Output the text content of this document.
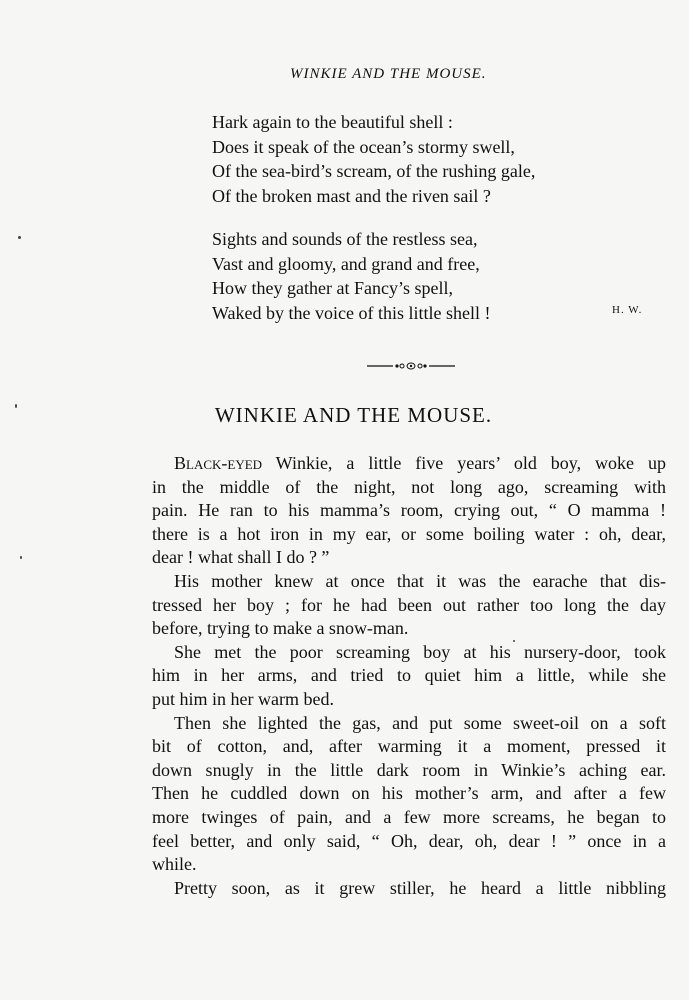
WINKIE AND THE MOUSE.
Hark again to the beautiful shell :
Does it speak of the ocean’s stormy swell,
Of the sea-bird’s scream, of the rushing gale,
Of the broken mast and the riven sail ?
Sights and sounds of the restless sea,
Vast and gloomy, and grand and free,
How they gather at Fancy’s spell,
Waked by the voice of this little shell !	H. W.
WINKIE AND THE MOUSE.
Black-eyed Winkie, a little five years’ old boy, woke up
in the middle of the night, not long ago, screaming with
pain. He ran to his mamma’s room, crying out, “ O mamma !
there is a hot iron in my ear, or some boiling water : oh, dear,
dear ! what shall I do ? ”
His mother knew at once that it was the earache that dis-
tressed her boy ; for he had been out rather too long the day
before, trying to make a snow-man.
She met the poor screaming boy at his nursery-door, took
him in her arms, and tried to quiet him a little, while she
put him in her warm bed.
Then she lighted the gas, and put some sweet-oil on a soft
bit of cotton, and, after warming it a moment, pressed it
down snugly in the little dark room in Winkie’s aching ear.
Then he cuddled down on his mother’s arm, and after a few
more twinges of pain, and a few more screams, he began to
feel better, and only said, “ Oh, dear, oh, dear ! ” once in a
while.
Pretty soon, as it grew stiller, he heard a little nibbling
